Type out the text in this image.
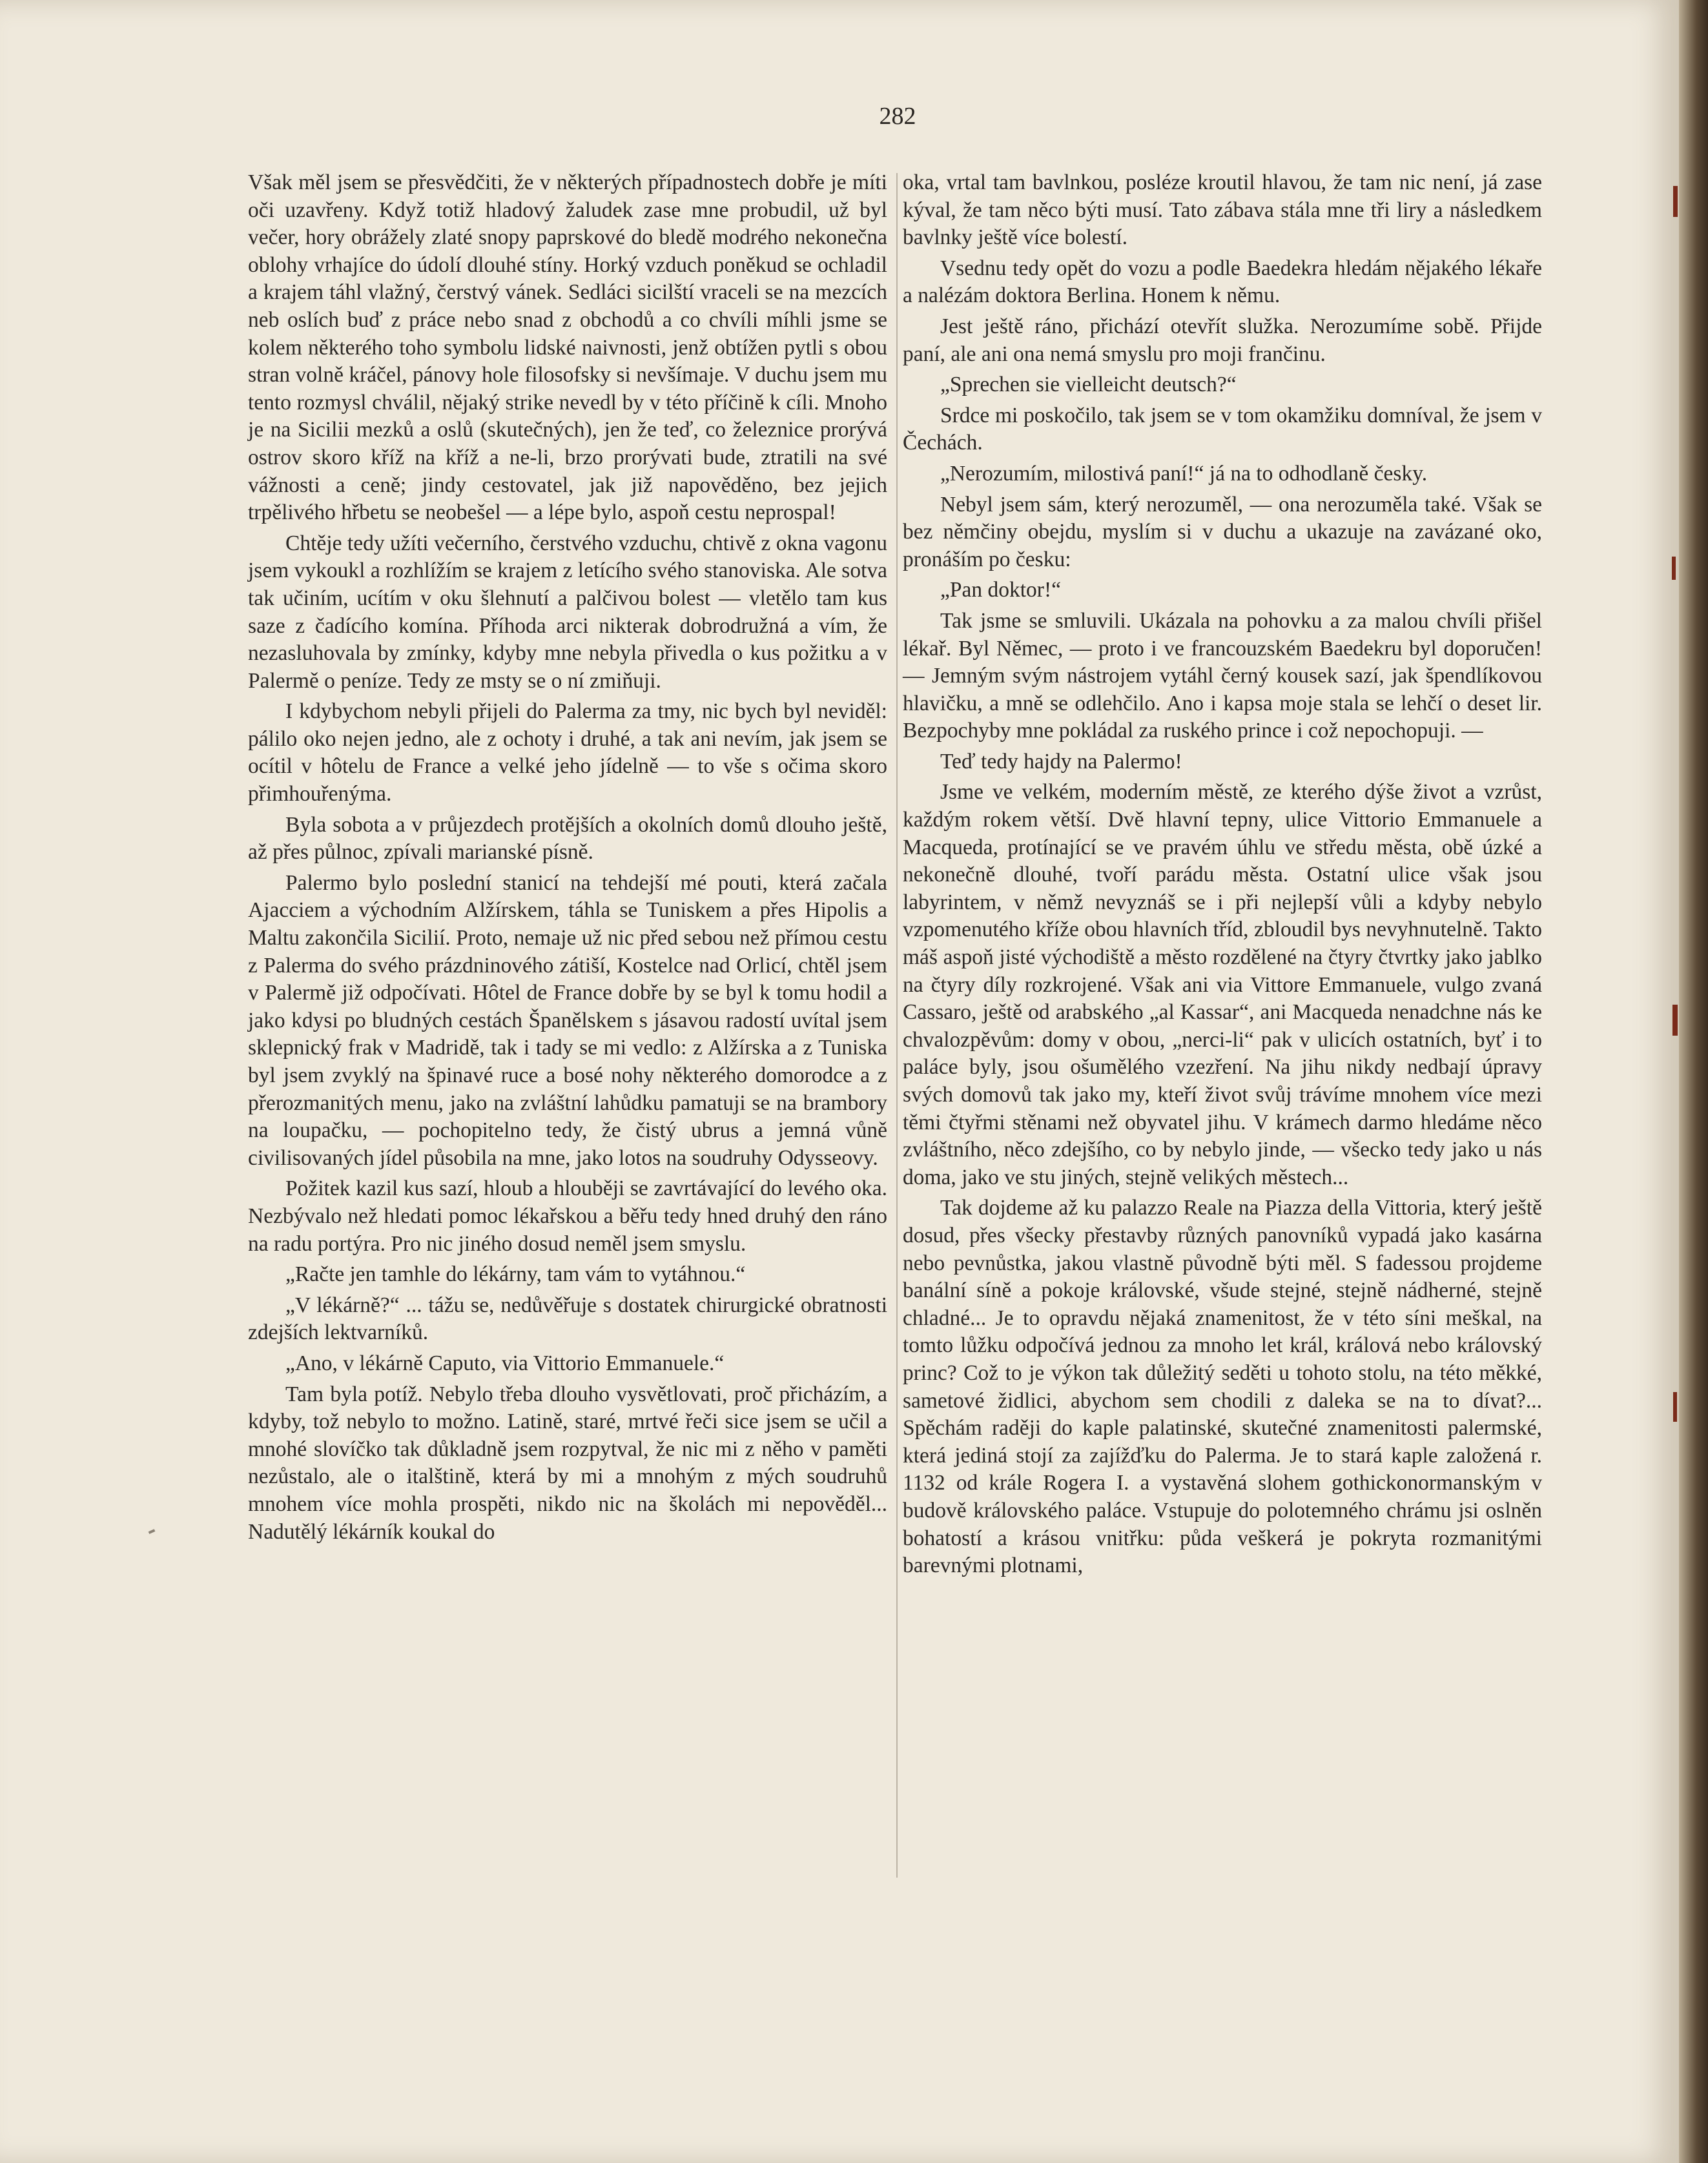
282

Však měl jsem se přesvědčiti, že v některých případnostech dobře je míti oči uzavřeny. Když totiž hladový žaludek zase mne probudil, už byl večer, hory obrážely zlaté snopy paprskové do bledě modrého nekonečna oblohy vrhajíce do údolí dlouhé stíny. Horký vzduch poněkud se ochladil a krajem táhl vlažný, čerstvý vánek. Sedláci sicilští vraceli se na mezcích neb oslích buď z práce nebo snad z obchodů a co chvíli míhli jsme se kolem některého toho symbolu lidské naivnosti, jenž obtížen pytli s obou stran volně kráčel, pánovy hole filosofsky si nevšímaje. V duchu jsem mu tento rozmysl chválil, nějaký strike nevedl by v této příčině k cíli. Mnoho je na Sicilii mezků a oslů (skutečných), jen že teď, co železnice prorývá ostrov skoro kříž na kříž a ne-li, brzo prorývati bude, ztratili na své vážnosti a ceně; jindy cestovatel, jak již napověděno, bez jejich trpělivého hřbetu se neobešel — a lépe bylo, aspoň cestu neprospal!

Chtěje tedy užíti večerního, čerstvého vzduchu, chtivě z okna vagonu jsem vykoukl a rozhlížím se krajem z letícího svého stanoviska. Ale sotva tak učiním, ucítím v oku šlehnutí a palčivou bolest — vletělo tam kus saze z čadícího komína. Příhoda arci nikterak dobrodružná a vím, že nezasluhovala by zmínky, kdyby mne nebyla přivedla o kus požitku a v Palermě o peníze. Tedy ze msty se o ní zmiňuji.

I kdybychom nebyli přijeli do Palerma za tmy, nic bych byl neviděl: pálilo oko nejen jedno, ale z ochoty i druhé, a tak ani nevím, jak jsem se ocítil v hôtelu de France a velké jeho jídelně — to vše s očima skoro přimhouřenýma.

Byla sobota a v průjezdech protějších a okolních domů dlouho ještě, až přes půlnoc, zpívali marianské písně.

Palermo bylo poslední stanicí na tehdejší mé pouti, která začala Ajacciem a východním Alžírskem, táhla se Tuniskem a přes Hipolis a Maltu zakončila Sicilií. Proto, nemaje už nic před sebou než přímou cestu z Palerma do svého prázdninového zátiší, Kostelce nad Orlicí, chtěl jsem v Palermě již odpočívati. Hôtel de France dobře by se byl k tomu hodil a jako kdysi po bludných cestách Španělskem s jásavou radostí uvítal jsem sklepnický frak v Madridě, tak i tady se mi vedlo: z Alžírska a z Tuniska byl jsem zvyklý na špinavé ruce a bosé nohy některého domorodce a z přerozmanitých menu, jako na zvláštní lahůdku pamatuji se na brambory na loupačku, — pochopitelno tedy, že čistý ubrus a jemná vůně civilisovaných jídel působila na mne, jako lotos na soudruhy Odysseovy.

Požitek kazil kus sazí, hloub a hlouběji se zavrtávající do levého oka. Nezbývalo než hledati pomoc lékařskou a běřu tedy hned druhý den ráno na radu portýra. Pro nic jiného dosud neměl jsem smyslu.

„Račte jen tamhle do lékárny, tam vám to vytáhnou.“

„V lékárně?“ ... tážu se, nedůvěřuje s dostatek chirurgické obratnosti zdejších lektvarníků.

„Ano, v lékárně Caputo, via Vittorio Emmanuele.“

Tam byla potíž. Nebylo třeba dlouho vysvětlovati, proč přicházím, a kdyby, tož nebylo to možno. Latině, staré, mrtvé řeči sice jsem se učil a mnohé slovíčko tak důkladně jsem rozpytval, že nic mi z něho v paměti nezůstalo, ale o italštině, která by mi a mnohým z mých soudruhů mnohem více mohla prospěti, nikdo nic na školách mi nepověděl... Nadutělý lékárník koukal do

oka, vrtal tam bavlnkou, posléze kroutil hlavou, že tam nic není, já zase kýval, že tam něco býti musí. Tato zábava stála mne tři liry a následkem bavlnky ještě více bolestí.

Vsednu tedy opět do vozu a podle Baedekra hledám nějakého lékaře a nalézám doktora Berlina. Honem k němu.

Jest ještě ráno, přichází otevřít služka. Nerozumíme sobě. Přijde paní, ale ani ona nemá smyslu pro moji frančinu.

„Sprechen sie vielleicht deutsch?“

Srdce mi poskočilo, tak jsem se v tom okamžiku domníval, že jsem v Čechách.

„Nerozumím, milostivá paní!“ já na to odhodlaně česky.

Nebyl jsem sám, který nerozuměl, — ona nerozuměla také. Však se bez němčiny obejdu, myslím si v duchu a ukazuje na zavázané oko, pronáším po česku:

„Pan doktor!“

Tak jsme se smluvili. Ukázala na pohovku a za malou chvíli přišel lékař. Byl Němec, — proto i ve francouzském Baedekru byl doporučen! — Jemným svým nástrojem vytáhl černý kousek sazí, jak špendlíkovou hlavičku, a mně se odlehčilo. Ano i kapsa moje stala se lehčí o deset lir. Bezpochyby mne pokládal za ruského prince i což nepochopuji. —

Teď tedy hajdy na Palermo!

Jsme ve velkém, moderním městě, ze kterého dýše život a vzrůst, každým rokem větší. Dvě hlavní tepny, ulice Vittorio Emmanuele a Macqueda, protínající se ve pravém úhlu ve středu města, obě úzké a nekonečně dlouhé, tvoří parádu města. Ostatní ulice však jsou labyrintem, v němž nevyznáš se i při nejlepší vůli a kdyby nebylo vzpomenutého kříže obou hlavních tříd, zbloudil bys nevyhnutelně. Takto máš aspoň jisté východiště a město rozdělené na čtyry čtvrtky jako jablko na čtyry díly rozkrojené. Však ani via Vittore Emmanuele, vulgo zvaná Cassaro, ještě od arabského „al Kassar“, ani Macqueda nenadchne nás ke chvalozpěvům: domy v obou, „nerci-li“ pak v ulicích ostatních, byť i to paláce byly, jsou ošumělého vzezření. Na jihu nikdy nedbají úpravy svých domovů tak jako my, kteří život svůj trávíme mnohem více mezi těmi čtyřmi stěnami než obyvatel jihu. V krámech darmo hledáme něco zvláštního, něco zdejšího, co by nebylo jinde, — všecko tedy jako u nás doma, jako ve stu jiných, stejně velikých městech...

Tak dojdeme až ku palazzo Reale na Piazza della Vittoria, který ještě dosud, přes všecky přestavby různých panovníků vypadá jako kasárna nebo pevnůstka, jakou vlastně původně býti měl. S fadessou projdeme banální síně a pokoje královské, všude stejné, stejně nádherné, stejně chladné... Je to opravdu nějaká znamenitost, že v této síni meškal, na tomto lůžku odpočívá jednou za mnoho let král, králová nebo královský princ? Což to je výkon tak důležitý seděti u tohoto stolu, na této měkké, sametové židlici, abychom sem chodili z daleka se na to dívat?... Spěchám raději do kaple palatinské, skutečné znamenitosti palermské, která jediná stojí za zajížďku do Palerma. Je to stará kaple založená r. 1132 od krále Rogera I. a vystavěná slohem gothickonormanským v budově královského paláce. Vstupuje do polotemného chrámu jsi oslněn bohatostí a krásou vnitřku: půda veškerá je pokryta rozmanitými barevnými plotnami,
